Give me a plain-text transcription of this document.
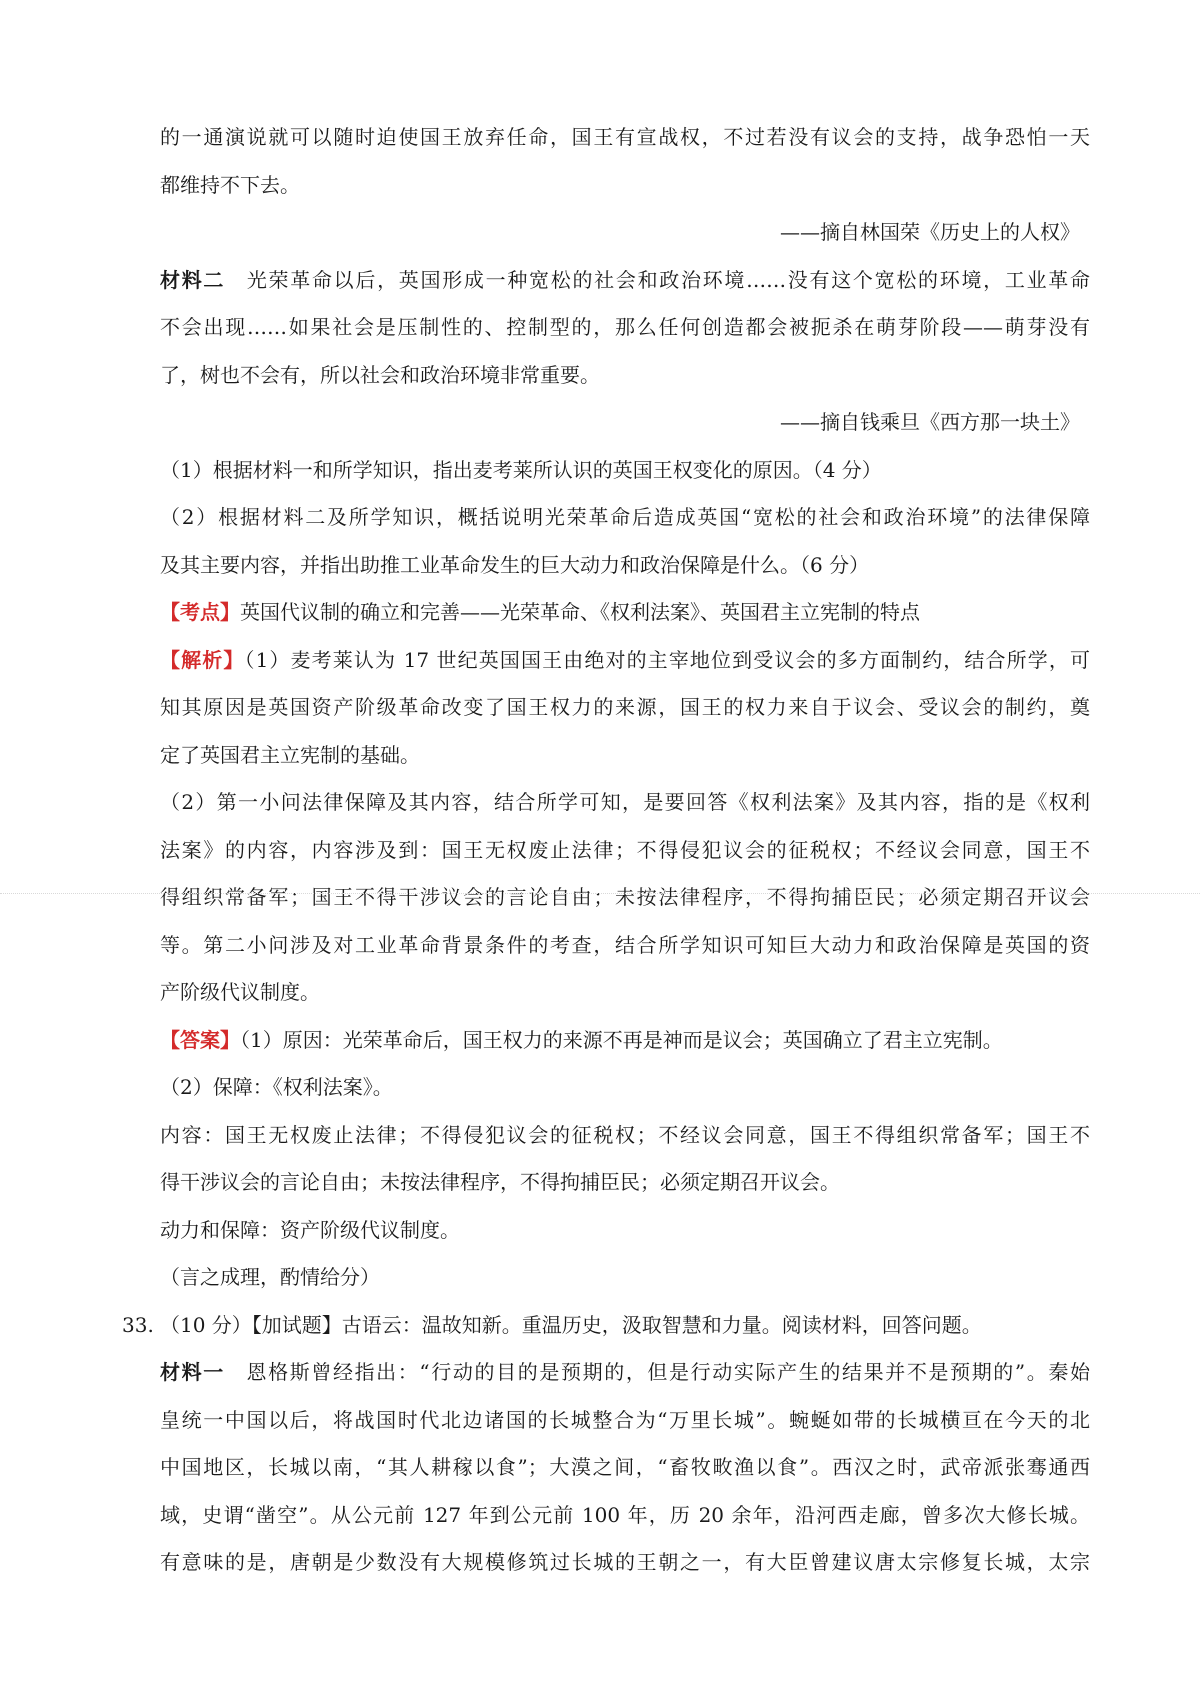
的一通演说就可以随时迫使国王放弃任命，国王有宣战权，不过若没有议会的支持，战争恐怕一天
都维持不下去。
——摘自林国荣《历史上的人权》
材料二  光荣革命以后，英国形成一种宽松的社会和政治环境……没有这个宽松的环境，工业革命
不会出现……如果社会是压制性的、控制型的，那么任何创造都会被扼杀在萌芽阶段——萌芽没有
了，树也不会有，所以社会和政治环境非常重要。
——摘自钱乘旦《西方那一块土》
（1）根据材料一和所学知识，指出麦考莱所认识的英国王权变化的原因。（4 分）
（2）根据材料二及所学知识，概括说明光荣革命后造成英国“宽松的社会和政治环境”的法律保障
及其主要内容，并指出助推工业革命发生的巨大动力和政治保障是什么。（6 分）
【考点】英国代议制的确立和完善——光荣革命、《权利法案》、英国君主立宪制的特点
【解析】（1）麦考莱认为 17 世纪英国国王由绝对的主宰地位到受议会的多方面制约，结合所学，可
知其原因是英国资产阶级革命改变了国王权力的来源，国王的权力来自于议会、受议会的制约，奠
定了英国君主立宪制的基础。
（2）第一小问法律保障及其内容，结合所学可知，是要回答《权利法案》及其内容，指的是《权利
法案》的内容，内容涉及到：国王无权废止法律；不得侵犯议会的征税权；不经议会同意，国王不
得组织常备军；国王不得干涉议会的言论自由；未按法律程序，不得拘捕臣民；必须定期召开议会
等。第二小问涉及对工业革命背景条件的考查，结合所学知识可知巨大动力和政治保障是英国的资
产阶级代议制度。
【答案】（1）原因：光荣革命后，国王权力的来源不再是神而是议会；英国确立了君主立宪制。
（2）保障：《权利法案》。
内容：国王无权废止法律；不得侵犯议会的征税权；不经议会同意，国王不得组织常备军；国王不
得干涉议会的言论自由；未按法律程序，不得拘捕臣民；必须定期召开议会。
动力和保障：资产阶级代议制度。
（言之成理，酌情给分）
33. （10 分）【加试题】古语云：温故知新。重温历史，汲取智慧和力量。阅读材料，回答问题。
材料一  恩格斯曾经指出：“行动的目的是预期的，但是行动实际产生的结果并不是预期的”。秦始
皇统一中国以后，将战国时代北边诸国的长城整合为“万里长城”。蜿蜒如带的长城横亘在今天的北
中国地区，长城以南，“其人耕稼以食”；大漠之间，“畜牧畋渔以食”。西汉之时，武帝派张骞通西
域，史谓“凿空”。从公元前 127 年到公元前 100 年，历 20 余年，沿河西走廊，曾多次大修长城。
有意味的是，唐朝是少数没有大规模修筑过长城的王朝之一，有大臣曾建议唐太宗修复长城，太宗
